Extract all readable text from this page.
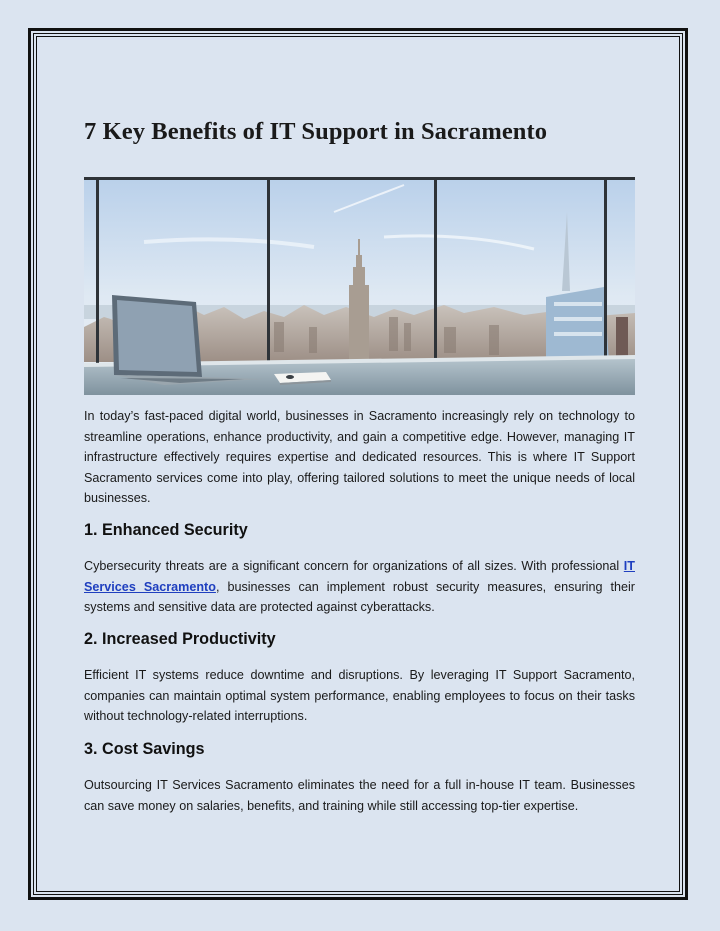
7 Key Benefits of IT Support in Sacramento

In today’s fast-paced digital world, businesses in Sacramento increasingly rely on technology to streamline operations, enhance productivity, and gain a competitive edge. However, managing IT infrastructure effectively requires expertise and dedicated resources. This is where IT Support Sacramento services come into play, offering tailored solutions to meet the unique needs of local businesses.

1. Enhanced Security

Cybersecurity threats are a significant concern for organizations of all sizes. With professional IT Services Sacramento, businesses can implement robust security measures, ensuring their systems and sensitive data are protected against cyberattacks.

2. Increased Productivity

Efficient IT systems reduce downtime and disruptions. By leveraging IT Support Sacramento, companies can maintain optimal system performance, enabling employees to focus on their tasks without technology-related interruptions.

3. Cost Savings

Outsourcing IT Services Sacramento eliminates the need for a full in-house IT team. Businesses can save money on salaries, benefits, and training while still accessing top-tier expertise.
